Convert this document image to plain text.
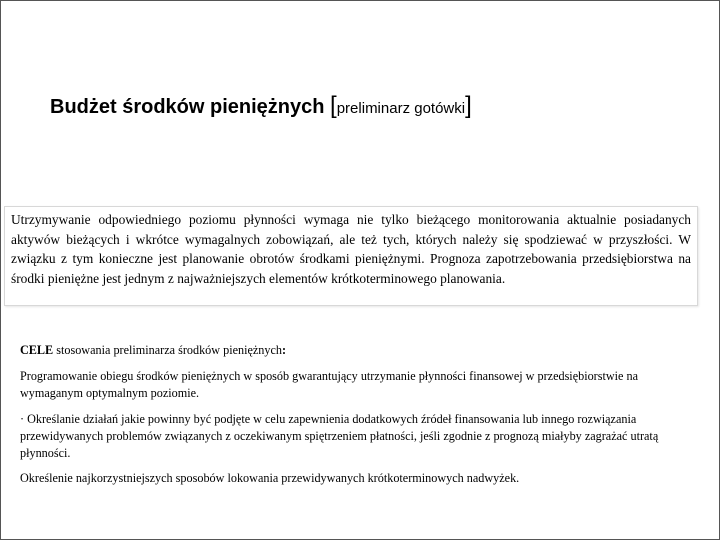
Budżet środków pieniężnych [preliminarz gotówki]
Utrzymywanie odpowiedniego poziomu płynności wymaga nie tylko bieżącego monitorowania aktualnie posiadanych aktywów bieżących i wkrótce wymagalnych zobowiązań, ale też tych, których należy się spodziewać w przyszłości. W związku z tym konieczne jest planowanie obrotów środkami pieniężnymi. Prognoza zapotrzebowania przedsiębiorstwa na środki pieniężne jest jednym z najważniejszych elementów krótkoterminowego planowania.

CELE stosowania preliminarza środków pieniężnych:

Programowanie obiegu środków pieniężnych w sposób gwarantujący utrzymanie płynności finansowej w przedsiębiorstwie na wymaganym optymalnym poziomie.

· Określanie działań jakie powinny być podjęte w celu zapewnienia dodatkowych źródeł finansowania lub innego rozwiązania przewidywanych problemów związanych z oczekiwanym spiętrzeniem płatności, jeśli zgodnie z prognozą miałyby zagrażać utratą płynności.

Określenie najkorzystniejszych sposobów lokowania przewidywanych krótkoterminowych nadwyżek.
